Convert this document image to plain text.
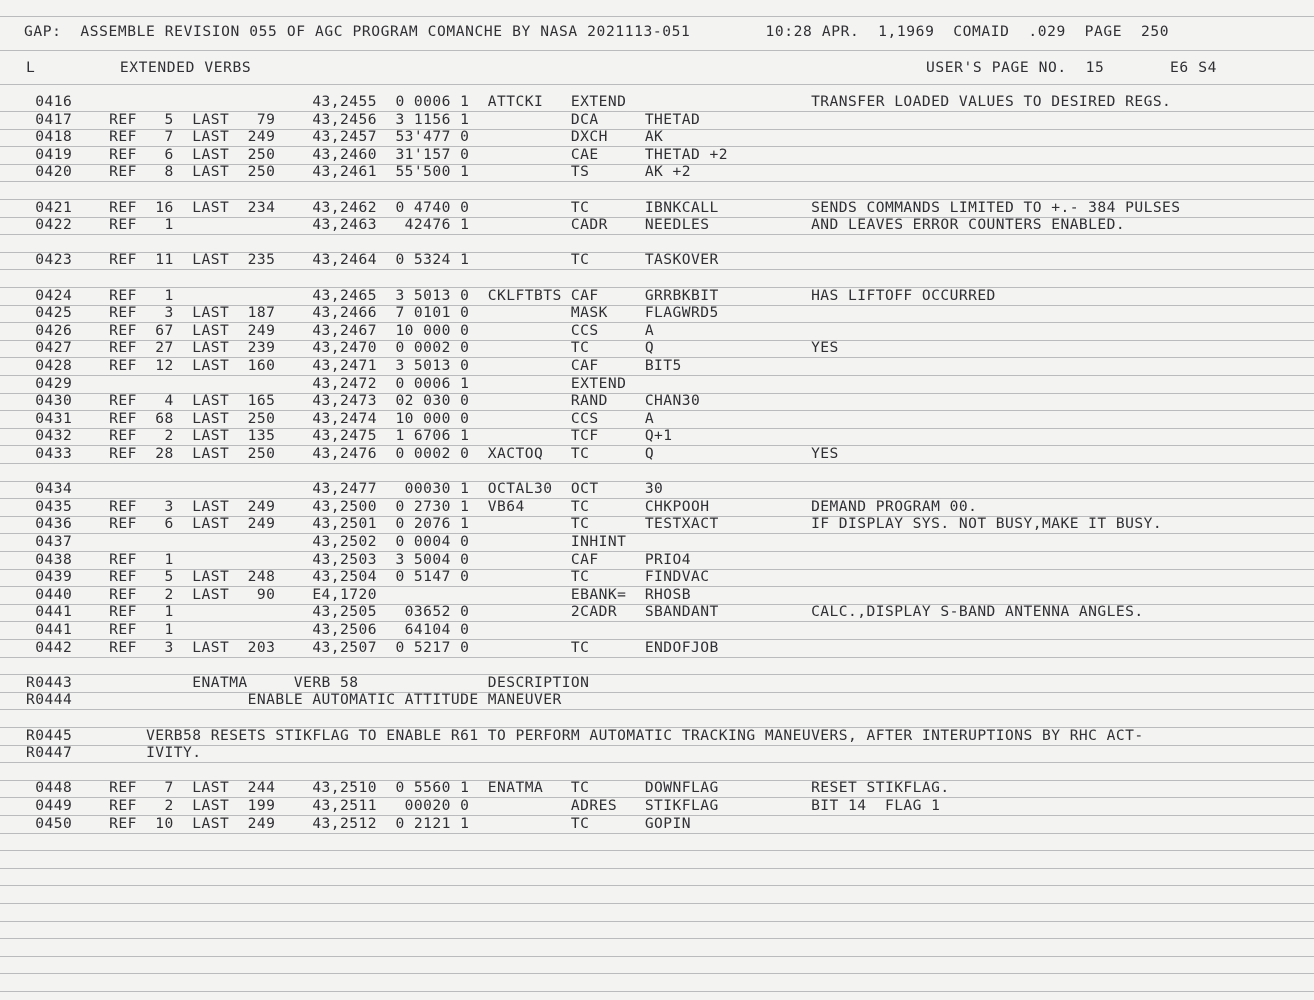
GAP:  ASSEMBLE REVISION 055 OF AGC PROGRAM COMANCHE BY NASA 2021113-051        10:28 APR.  1,1969  COMAID  .029  PAGE  250
L         EXTENDED VERBS	USER'S PAGE NO.  15       E6 S4
0416                          43,2455  0 0006 1  ATTCKI   EXTEND                    TRANSFER LOADED VALUES TO DESIRED REGS.
0417    REF   5  LAST   79    43,2456  3 1156 1           DCA     THETAD
0418    REF   7  LAST  249    43,2457  53'477 0           DXCH    AK
0419    REF   6  LAST  250    43,2460  31'157 0           CAE     THETAD +2
0420    REF   8  LAST  250    43,2461  55'500 1           TS      AK +2
0421    REF  16  LAST  234    43,2462  0 4740 0           TC      IBNKCALL          SENDS COMMANDS LIMITED TO +.- 384 PULSES
0422    REF   1               43,2463   42476 1           CADR    NEEDLES           AND LEAVES ERROR COUNTERS ENABLED.
0423    REF  11  LAST  235    43,2464  0 5324 1           TC      TASKOVER
0424    REF   1               43,2465  3 5013 0  CKLFTBTS CAF     GRRBKBIT          HAS LIFTOFF OCCURRED
0425    REF   3  LAST  187    43,2466  7 0101 0           MASK    FLAGWRD5
0426    REF  67  LAST  249    43,2467  10 000 0           CCS     A
0427    REF  27  LAST  239    43,2470  0 0002 0           TC      Q                 YES
0428    REF  12  LAST  160    43,2471  3 5013 0           CAF     BIT5
0429                          43,2472  0 0006 1           EXTEND
0430    REF   4  LAST  165    43,2473  02 030 0           RAND    CHAN30
0431    REF  68  LAST  250    43,2474  10 000 0           CCS     A
0432    REF   2  LAST  135    43,2475  1 6706 1           TCF     Q+1
0433    REF  28  LAST  250    43,2476  0 0002 0  XACTOQ   TC      Q                 YES
0434                          43,2477   00030 1  OCTAL30  OCT     30
0435    REF   3  LAST  249    43,2500  0 2730 1  VB64     TC      CHKPOOH           DEMAND PROGRAM 00.
0436    REF   6  LAST  249    43,2501  0 2076 1           TC      TESTXACT          IF DISPLAY SYS. NOT BUSY,MAKE IT BUSY.
0437                          43,2502  0 0004 0           INHINT
0438    REF   1               43,2503  3 5004 0           CAF     PRIO4
0439    REF   5  LAST  248    43,2504  0 5147 0           TC      FINDVAC
0440    REF   2  LAST   90    E4,1720                     EBANK=  RHOSB
0441    REF   1               43,2505   03652 0           2CADR   SBANDANT          CALC.,DISPLAY S-BAND ANTENNA ANGLES.
0441    REF   1               43,2506   64104 0
0442    REF   3  LAST  203    43,2507  0 5217 0           TC      ENDOFJOB
R0443             ENATMA     VERB 58              DESCRIPTION
R0444                   ENABLE AUTOMATIC ATTITUDE MANEUVER
R0445        VERB58 RESETS STIKFLAG TO ENABLE R61 TO PERFORM AUTOMATIC TRACKING MANEUVERS, AFTER INTERUPTIONS BY RHC ACT-
R0447        IVITY.
0448    REF   7  LAST  244    43,2510  0 5560 1  ENATMA   TC      DOWNFLAG          RESET STIKFLAG.
0449    REF   2  LAST  199    43,2511   00020 0           ADRES   STIKFLAG          BIT 14  FLAG 1
0450    REF  10  LAST  249    43,2512  0 2121 1           TC      GOPIN
